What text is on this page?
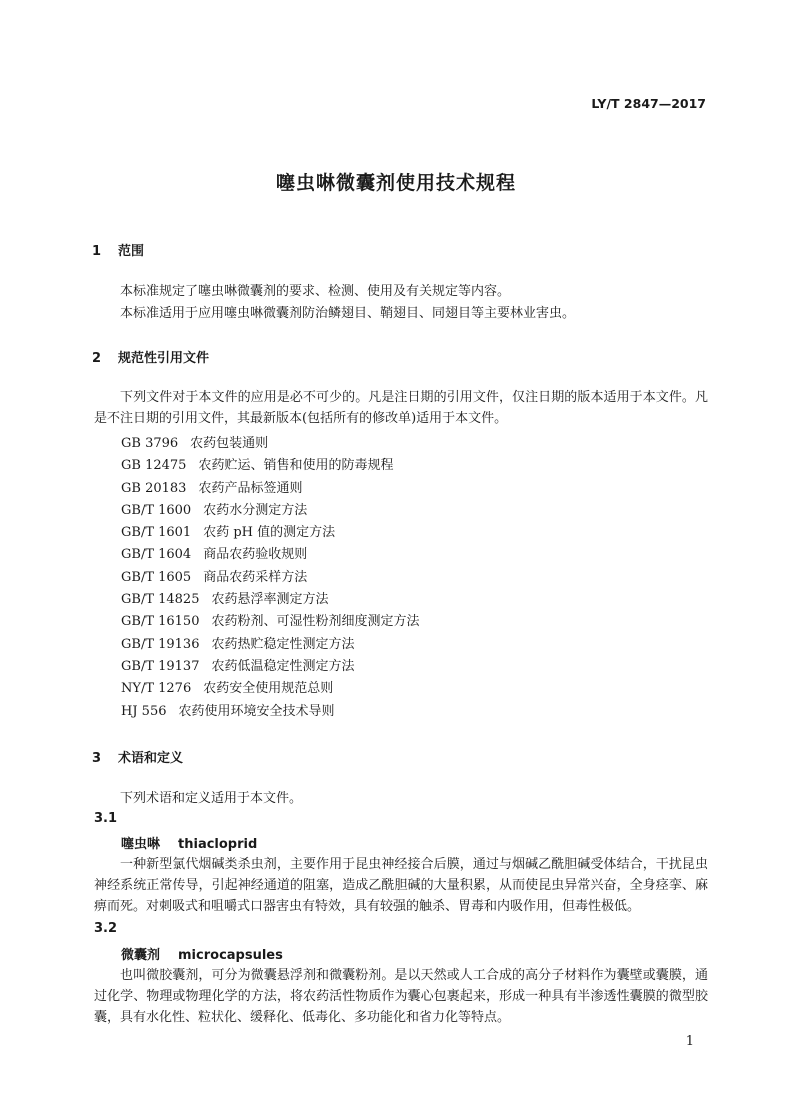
LY/T 2847—2017
噻虫啉微囊剂使用技术规程
1 范围
本标准规定了噻虫啉微囊剂的要求、检测、使用及有关规定等内容。
本标准适用于应用噻虫啉微囊剂防治鳞翅目、鞘翅目、同翅目等主要林业害虫。
2 规范性引用文件
下列文件对于本文件的应用是必不可少的。凡是注日期的引用文件，仅注日期的版本适用于本文件。凡是不注日期的引用文件，其最新版本(包括所有的修改单)适用于本文件。
GB 3796 农药包装通则
GB 12475 农药贮运、销售和使用的防毒规程
GB 20183 农药产品标签通则
GB/T 1600 农药水分测定方法
GB/T 1601 农药 pH 值的测定方法
GB/T 1604 商品农药验收规则
GB/T 1605 商品农药采样方法
GB/T 14825 农药悬浮率测定方法
GB/T 16150 农药粉剂、可湿性粉剂细度测定方法
GB/T 19136 农药热贮稳定性测定方法
GB/T 19137 农药低温稳定性测定方法
NY/T 1276 农药安全使用规范总则
HJ 556 农药使用环境安全技术导则
3 术语和定义
下列术语和定义适用于本文件。
3.1
噻虫啉 thiacloprid
一种新型氯代烟碱类杀虫剂，主要作用于昆虫神经接合后膜，通过与烟碱乙酰胆碱受体结合，干扰昆虫神经系统正常传导，引起神经通道的阻塞，造成乙酰胆碱的大量积累，从而使昆虫异常兴奋，全身痉挛、麻痹而死。对刺吸式和咀嚼式口器害虫有特效，具有较强的触杀、胃毒和内吸作用，但毒性极低。
3.2
微囊剂 microcapsules
也叫微胶囊剂，可分为微囊悬浮剂和微囊粉剂。是以天然或人工合成的高分子材料作为囊壁或囊膜，通过化学、物理或物理化学的方法，将农药活性物质作为囊心包裹起来，形成一种具有半渗透性囊膜的微型胶囊，具有水化性、粒状化、缓释化、低毒化、多功能化和省力化等特点。
1
